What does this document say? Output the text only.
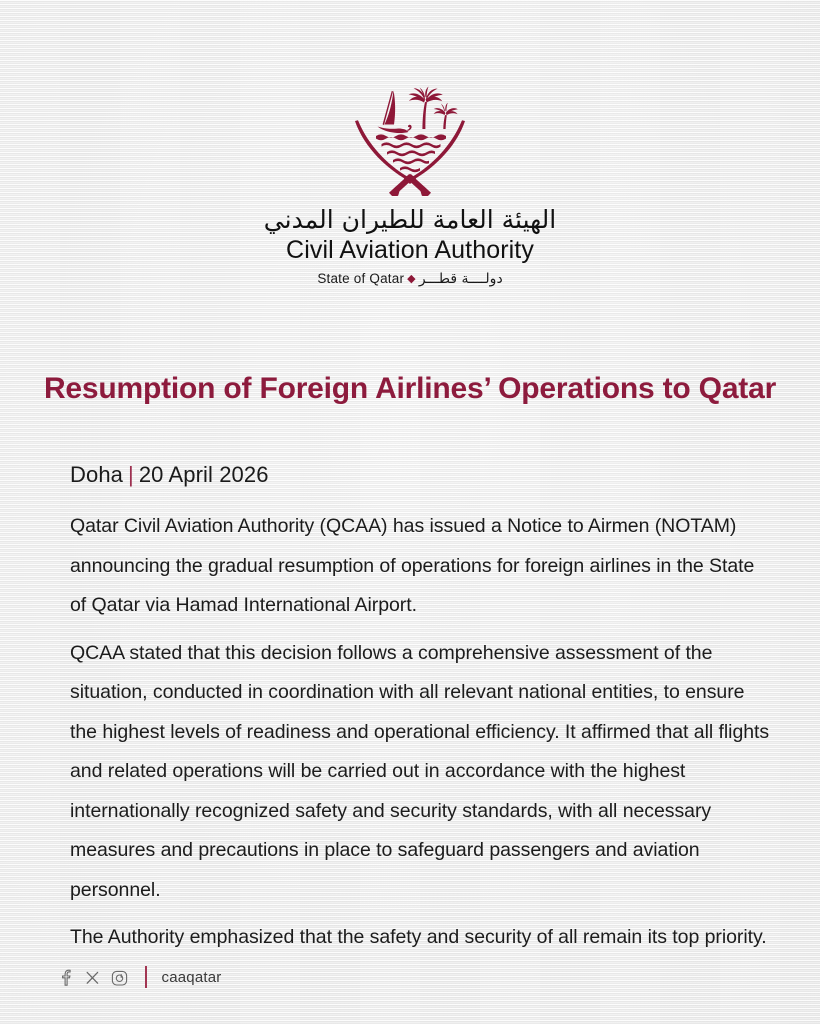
الهيئة العامة للطيران المدني
Civil Aviation Authority
State of Qatar ◆ دولــــة قطـــر
Resumption of Foreign Airlines’ Operations to Qatar
Doha | 20 April 2026

Qatar Civil Aviation Authority (QCAA) has issued a Notice to Airmen (NOTAM) announcing the gradual resumption of operations for foreign airlines in the State of Qatar via Hamad International Airport.

QCAA stated that this decision follows a comprehensive assessment of the situation, conducted in coordination with all relevant national entities, to ensure the highest levels of readiness and operational efficiency. It affirmed that all flights and related operations will be carried out in accordance with the highest internationally recognized safety and security standards, with all necessary measures and precautions in place to safeguard passengers and aviation personnel.

The Authority emphasized that the safety and security of all remain its top priority.

caaqatar
